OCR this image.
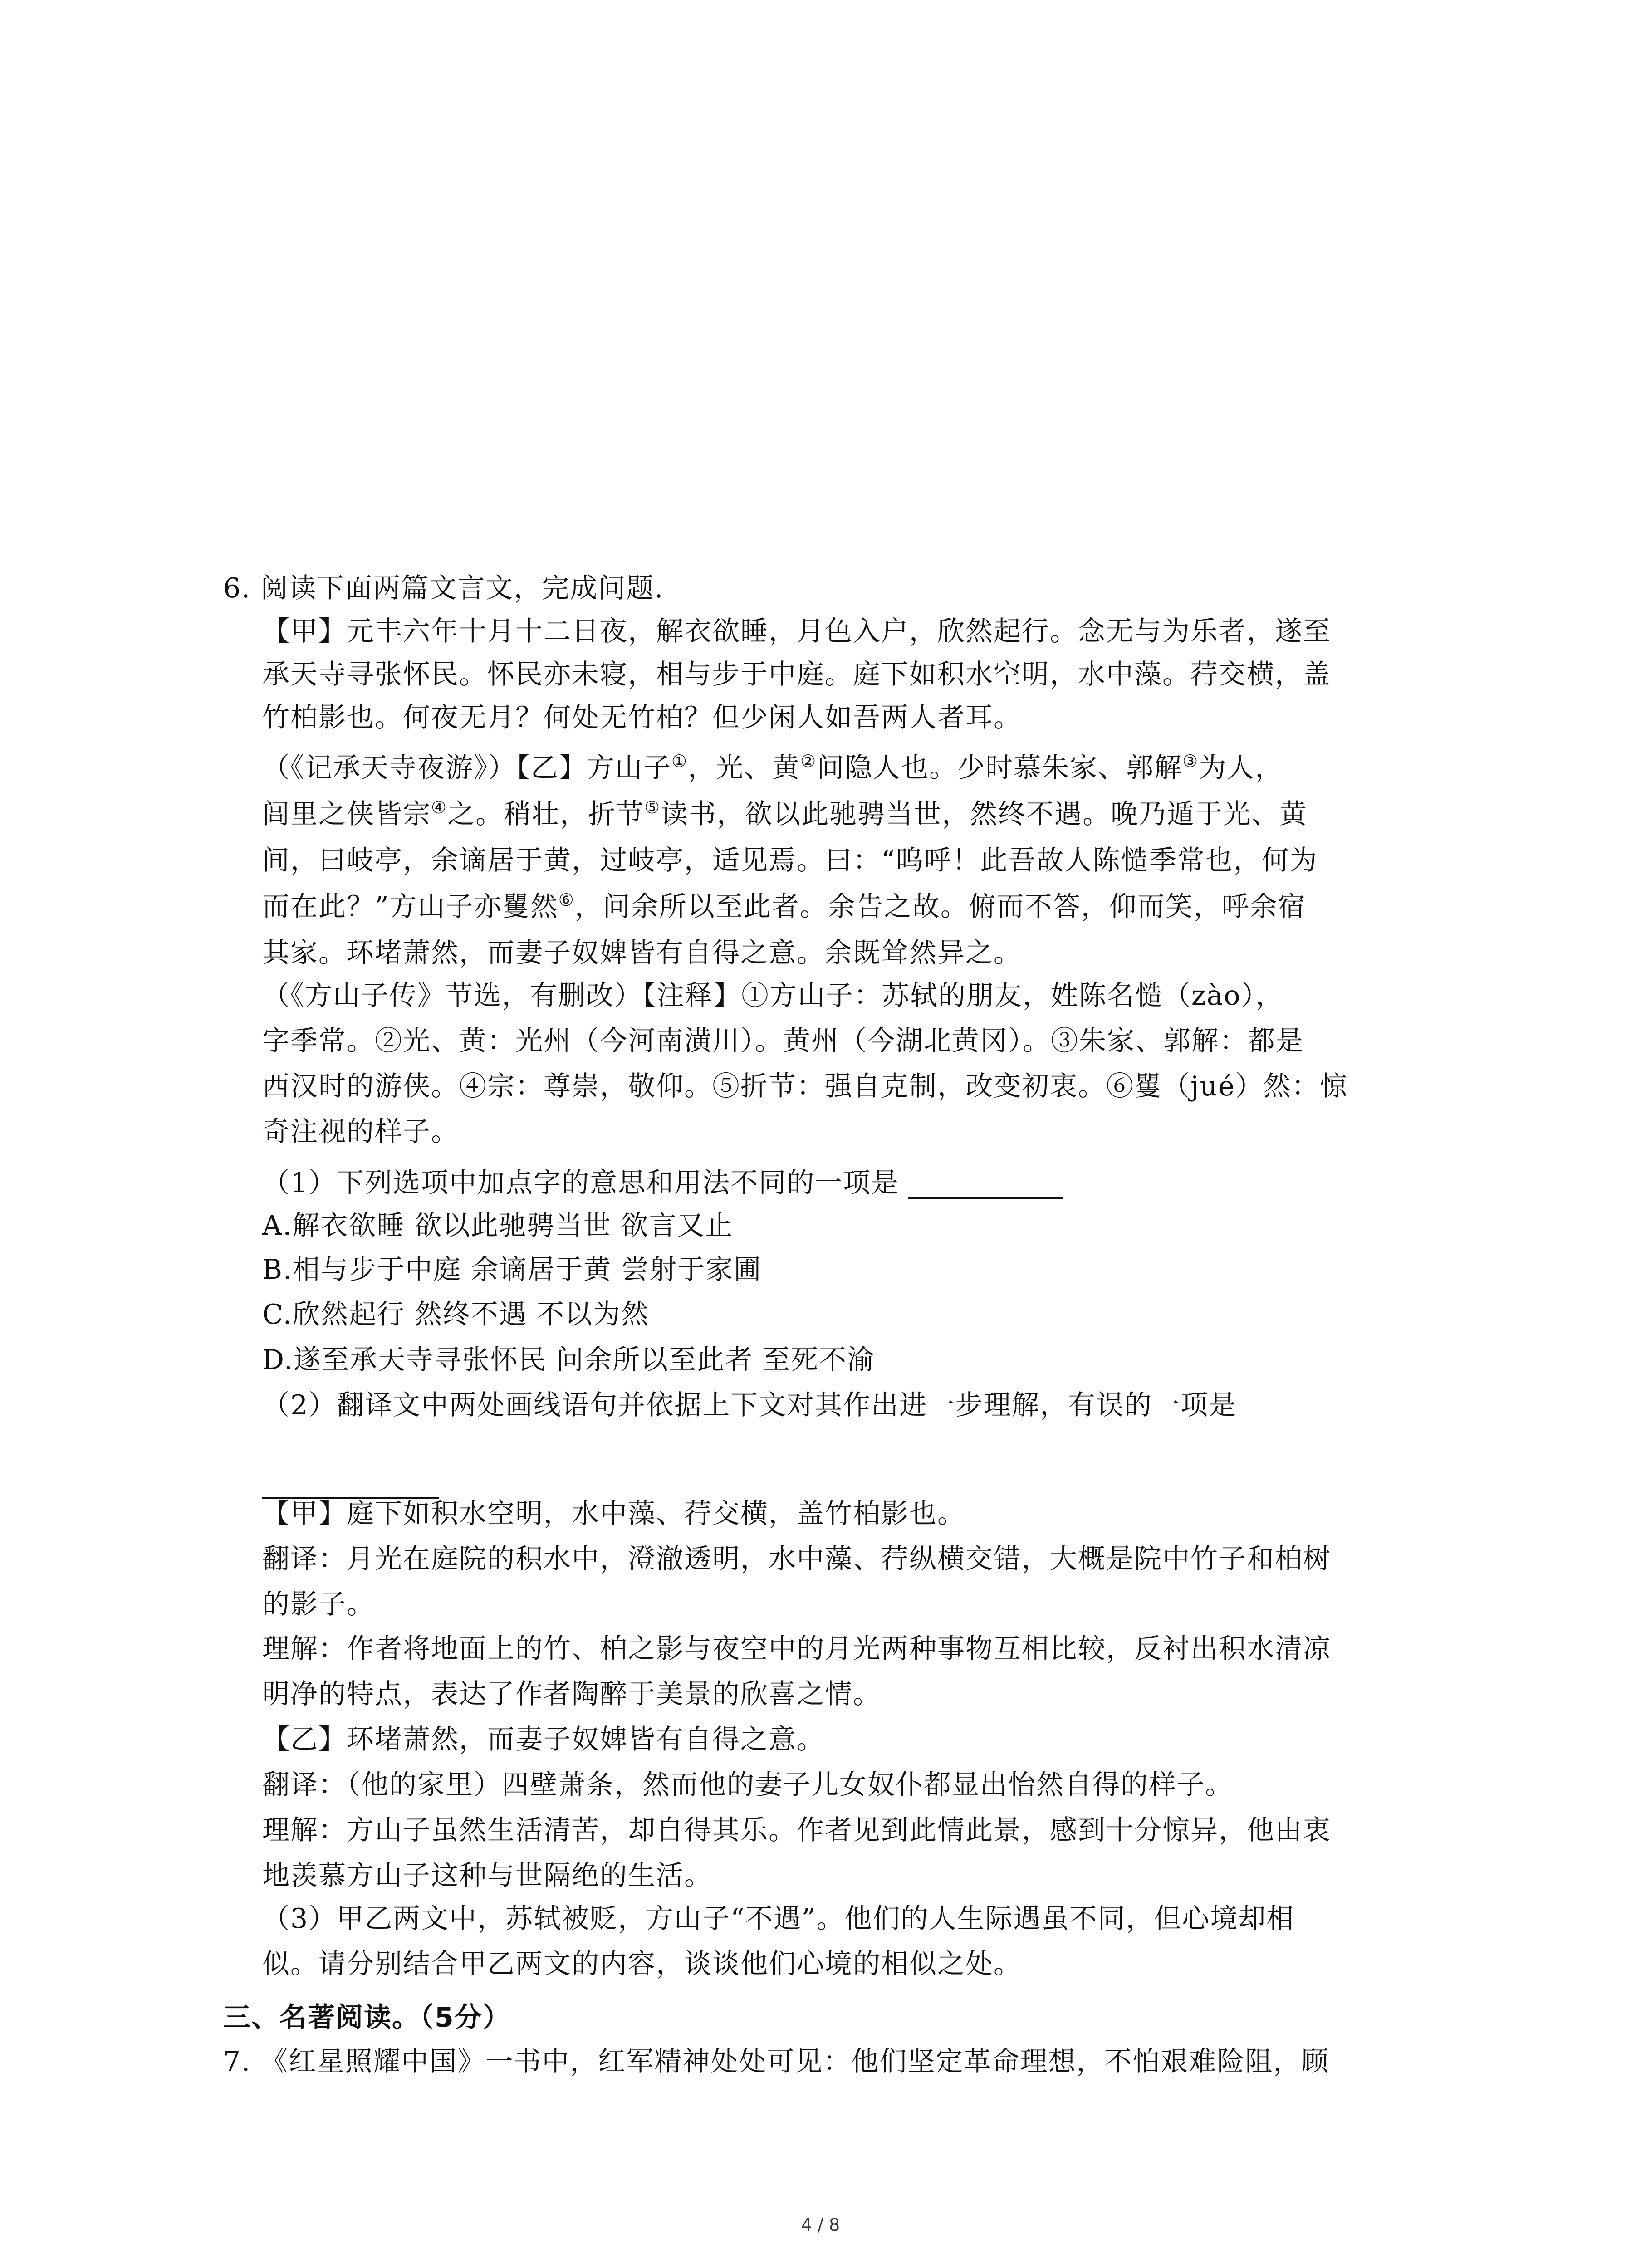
6. 阅读下面两篇文言文，完成问题.
【甲】元丰六年十月十二日夜，解衣欲睡，月色入户，欣然起行。念无与为乐者，遂至
承天寺寻张怀民。怀民亦未寝，相与步于中庭。庭下如积水空明，水中藻。荇交横，盖
竹柏影也。何夜无月？何处无竹柏？但少闲人如吾两人者耳。
（《记承天寺夜游》）【乙】方山子①，光、黄②间隐人也。少时慕朱家、郭解③为人，
闾里之侠皆宗④之。稍壮，折节⑤读书，欲以此驰骋当世，然终不遇。晚乃遁于光、黄
间，曰岐亭，余谪居于黄，过岐亭，适见焉。曰：“呜呼！此吾故人陈慥季常也，何为
而在此？”方山子亦矍然⑥，问余所以至此者。余告之故。俯而不答，仰而笑，呼余宿
其家。环堵萧然，而妻子奴婢皆有自得之意。余既耸然异之。
（《方山子传》节选，有删改）【注释】①方山子：苏轼的朋友，姓陈名慥（zào），
字季常。②光、黄：光州（今河南潢川）。黄州（今湖北黄冈）。③朱家、郭解：都是
西汉时的游侠。④宗：尊崇，敬仰。⑤折节：强自克制，改变初衷。⑥矍（jué）然：惊
奇注视的样子。
（1）下列选项中加点字的意思和用法不同的一项是
A.解衣欲睡 欲以此驰骋当世 欲言又止
B.相与步于中庭 余谪居于黄 尝射于家圃
C.欣然起行 然终不遇 不以为然
D.遂至承天寺寻张怀民 问余所以至此者 至死不渝
（2）翻译文中两处画线语句并依据上下文对其作出进一步理解，有误的一项是
【甲】庭下如积水空明，水中藻、荇交横，盖竹柏影也。
翻译：月光在庭院的积水中，澄澈透明，水中藻、荇纵横交错，大概是院中竹子和柏树
的影子。
理解：作者将地面上的竹、柏之影与夜空中的月光两种事物互相比较，反衬出积水清凉
明净的特点，表达了作者陶醉于美景的欣喜之情。
【乙】环堵萧然，而妻子奴婢皆有自得之意。
翻译：（他的家里）四壁萧条，然而他的妻子儿女奴仆都显出怡然自得的样子。
理解：方山子虽然生活清苦，却自得其乐。作者见到此情此景，感到十分惊异，他由衷
地羡慕方山子这种与世隔绝的生活。
（3）甲乙两文中，苏轼被贬，方山子“不遇”。他们的人生际遇虽不同，但心境却相
似。请分别结合甲乙两文的内容，谈谈他们心境的相似之处。
三、名著阅读。（5分）
7. 《红星照耀中国》一书中，红军精神处处可见：他们坚定革命理想，不怕艰难险阻，顾
4 / 8
